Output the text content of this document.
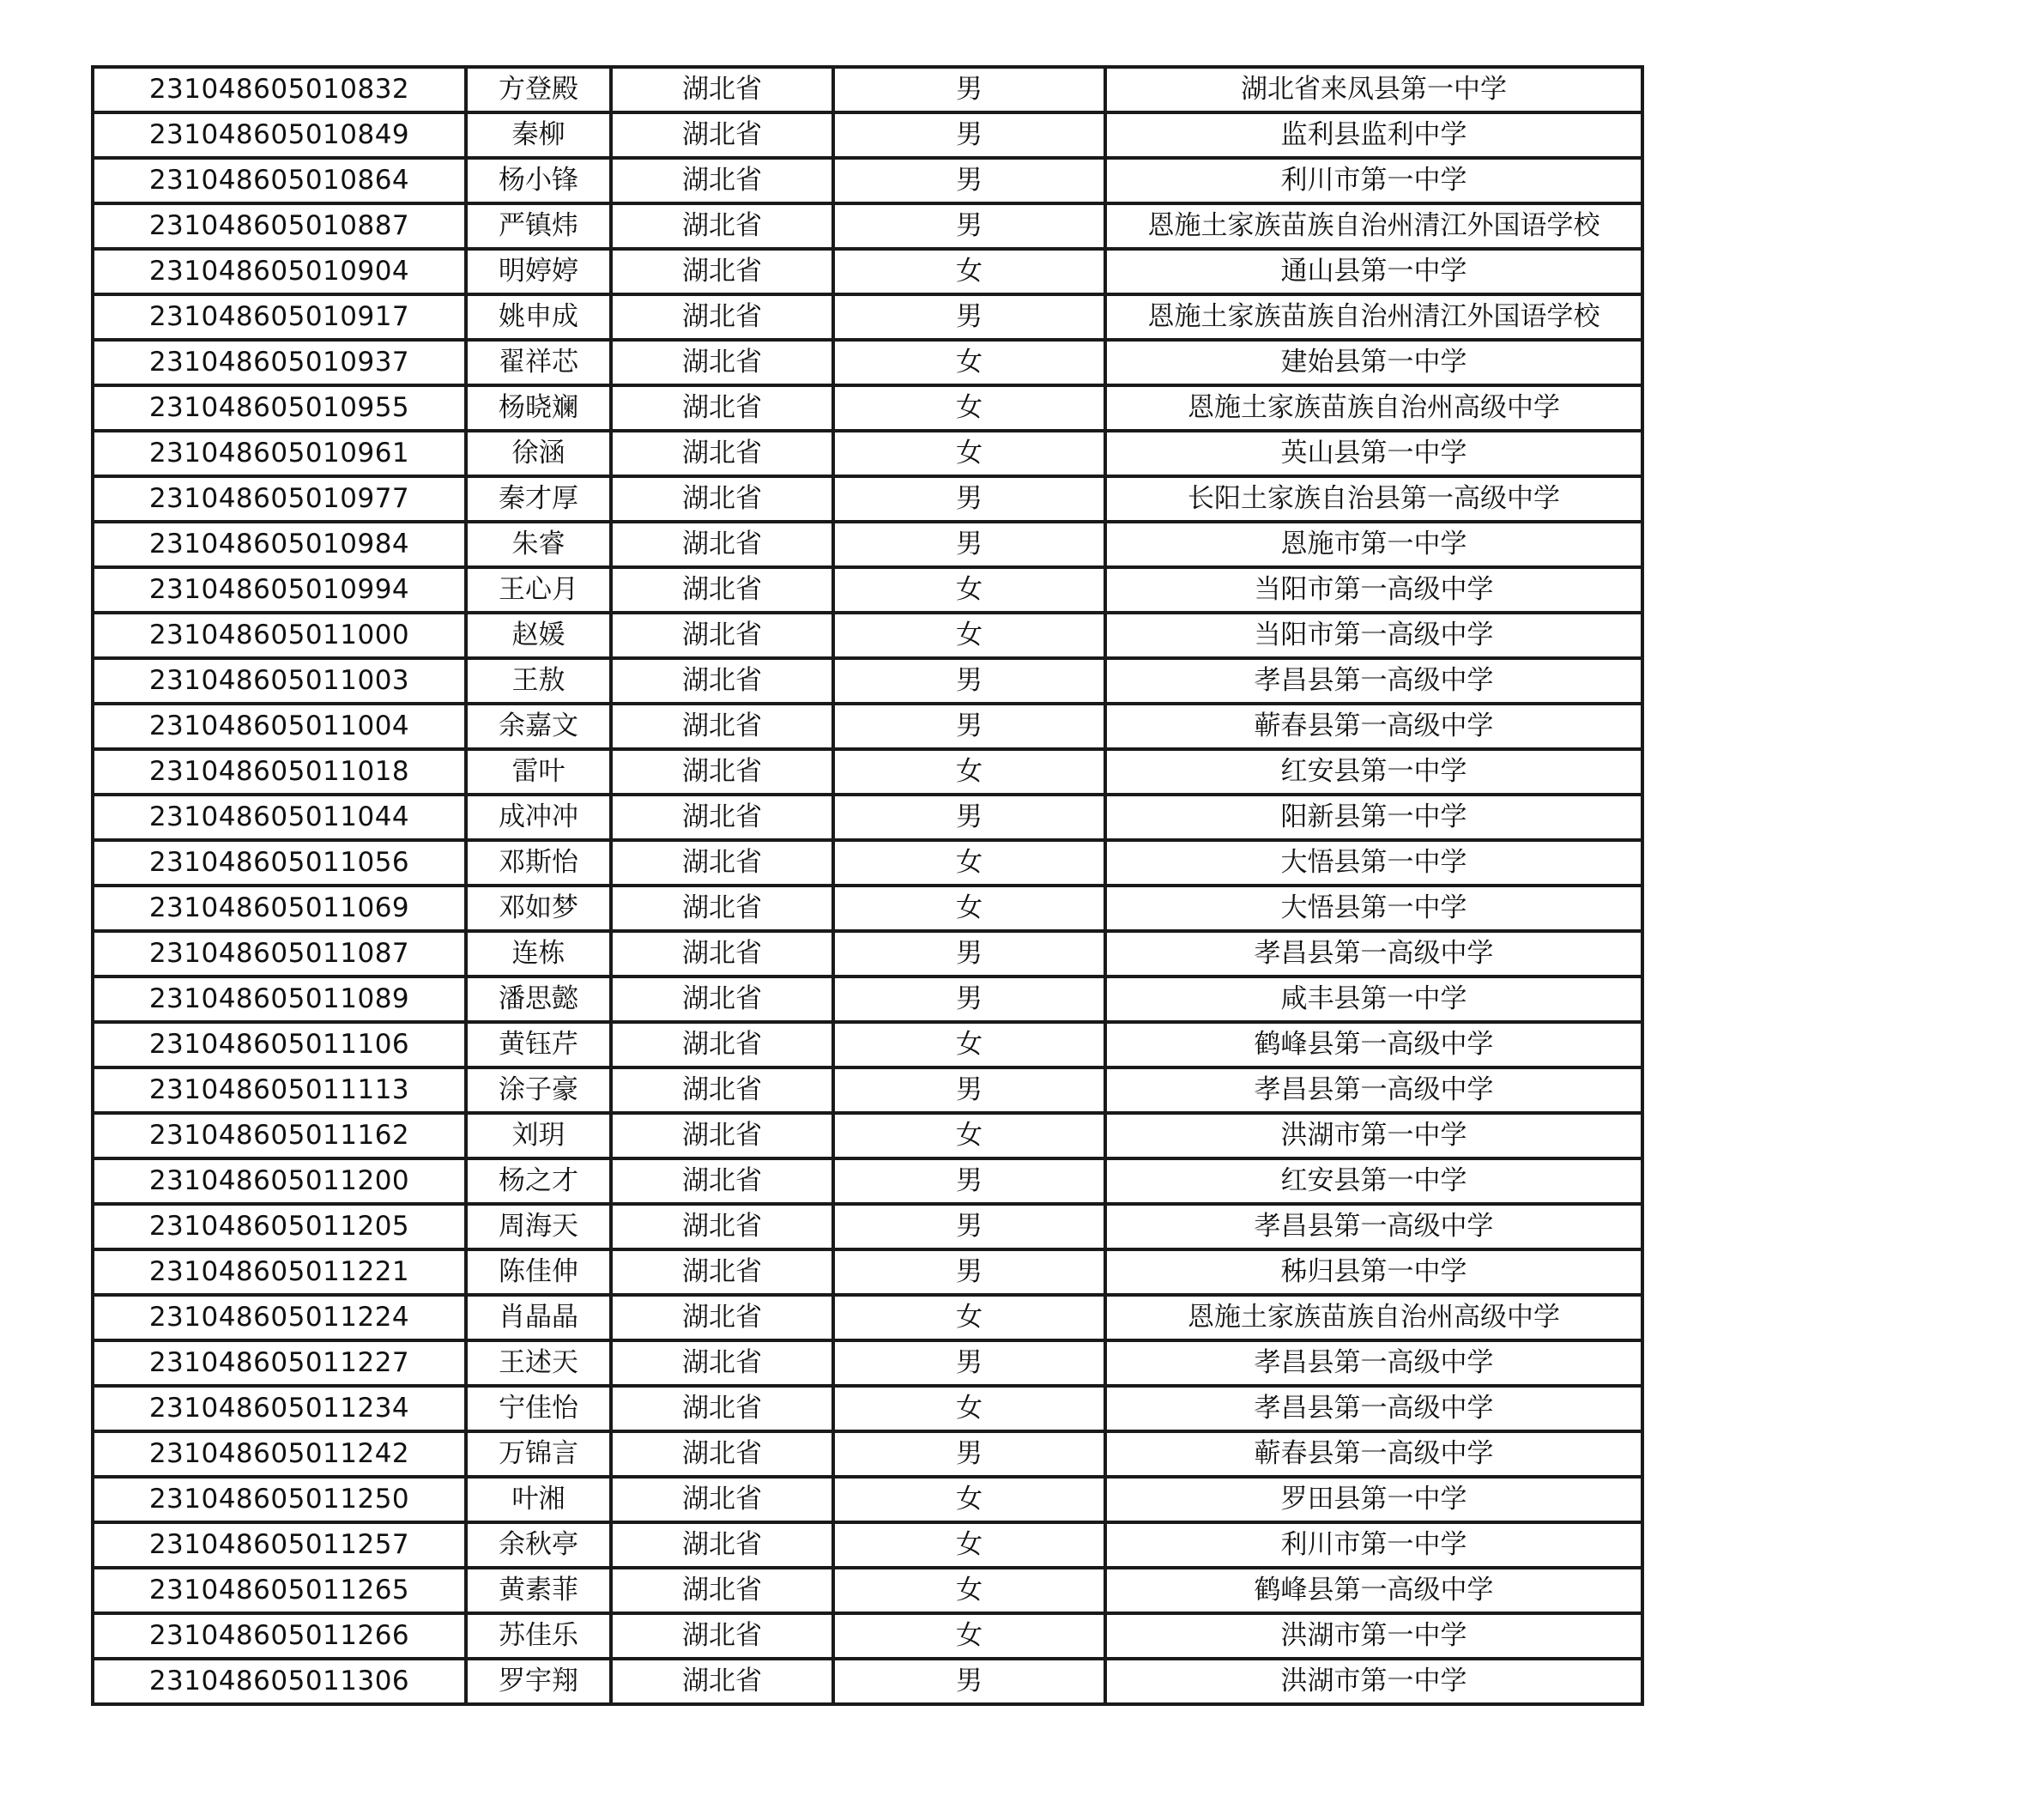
231048605010832	方登殿	湖北省	男	湖北省来凤县第一中学
231048605010849	秦柳	湖北省	男	监利县监利中学
231048605010864	杨小锋	湖北省	男	利川市第一中学
231048605010887	严镇炜	湖北省	男	恩施土家族苗族自治州清江外国语学校
231048605010904	明婷婷	湖北省	女	通山县第一中学
231048605010917	姚申成	湖北省	男	恩施土家族苗族自治州清江外国语学校
231048605010937	翟祥芯	湖北省	女	建始县第一中学
231048605010955	杨晓斓	湖北省	女	恩施土家族苗族自治州高级中学
231048605010961	徐涵	湖北省	女	英山县第一中学
231048605010977	秦才厚	湖北省	男	长阳土家族自治县第一高级中学
231048605010984	朱睿	湖北省	男	恩施市第一中学
231048605010994	王心月	湖北省	女	当阳市第一高级中学
231048605011000	赵媛	湖北省	女	当阳市第一高级中学
231048605011003	王敖	湖北省	男	孝昌县第一高级中学
231048605011004	余嘉文	湖北省	男	蕲春县第一高级中学
231048605011018	雷叶	湖北省	女	红安县第一中学
231048605011044	成冲冲	湖北省	男	阳新县第一中学
231048605011056	邓斯怡	湖北省	女	大悟县第一中学
231048605011069	邓如梦	湖北省	女	大悟县第一中学
231048605011087	连栋	湖北省	男	孝昌县第一高级中学
231048605011089	潘思懿	湖北省	男	咸丰县第一中学
231048605011106	黄钰芹	湖北省	女	鹤峰县第一高级中学
231048605011113	涂子豪	湖北省	男	孝昌县第一高级中学
231048605011162	刘玥	湖北省	女	洪湖市第一中学
231048605011200	杨之才	湖北省	男	红安县第一中学
231048605011205	周海天	湖北省	男	孝昌县第一高级中学
231048605011221	陈佳伸	湖北省	男	秭归县第一中学
231048605011224	肖晶晶	湖北省	女	恩施土家族苗族自治州高级中学
231048605011227	王述天	湖北省	男	孝昌县第一高级中学
231048605011234	宁佳怡	湖北省	女	孝昌县第一高级中学
231048605011242	万锦言	湖北省	男	蕲春县第一高级中学
231048605011250	叶湘	湖北省	女	罗田县第一中学
231048605011257	余秋亭	湖北省	女	利川市第一中学
231048605011265	黄素菲	湖北省	女	鹤峰县第一高级中学
231048605011266	苏佳乐	湖北省	女	洪湖市第一中学
231048605011306	罗宇翔	湖北省	男	洪湖市第一中学
